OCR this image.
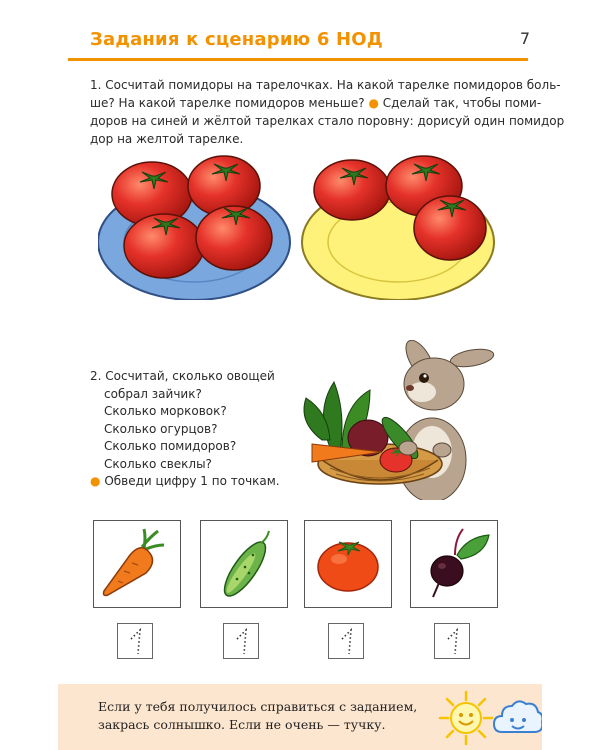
Задания к сценарию 6 НОД	7
1. Сосчитай помидоры на тарелочках. На какой тарелке помидоров боль-
ше? На какой тарелке помидоров меньше? ● Сделай так, чтобы поми-
доров на синей и жёлтой тарелках стало поровну: дорисуй один помидор
дор на желтой тарелке.
2. Сосчитай, сколько овощей
собрал зайчик?
Сколько морковок?
Сколько огурцов?
Сколько помидоров?
Сколько свеклы?
● Обведи цифру 1 по точкам.
Если у тебя получилось справиться с заданием,
закрась солнышко. Если не очень — тучку.
